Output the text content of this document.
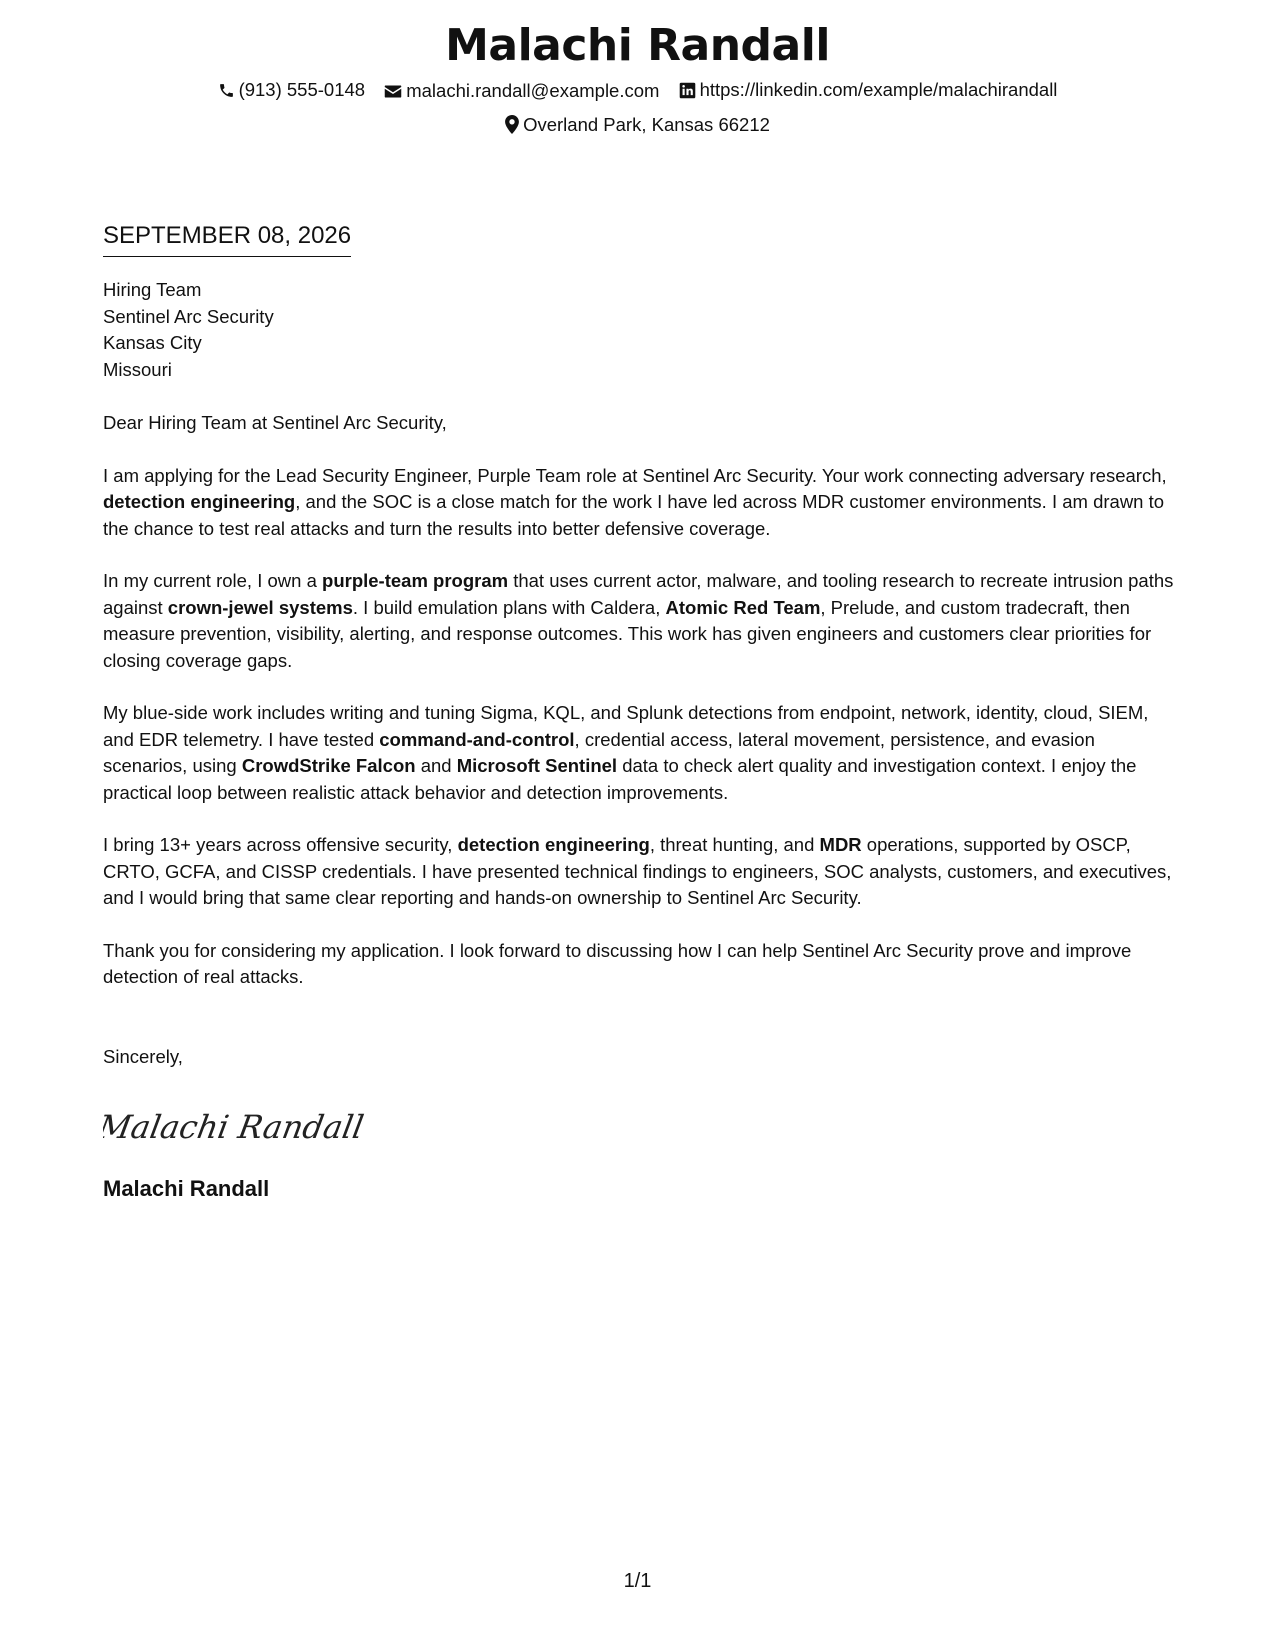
Malachi Randall
(913) 555-0148
malachi.randall@example.com
https://linkedin.com/example/malachirandall
Overland Park, Kansas 66212
SEPTEMBER 08, 2026
Hiring Team
Sentinel Arc Security
Kansas City
Missouri
Dear Hiring Team at Sentinel Arc Security,

I am applying for the Lead Security Engineer, Purple Team role at Sentinel Arc Security. Your work connecting adversary research, detection engineering, and the SOC is a close match for the work I have led across MDR customer environments. I am drawn to the chance to test real attacks and turn the results into better defensive coverage.

In my current role, I own a purple-team program that uses current actor, malware, and tooling research to recreate intrusion paths against crown-jewel systems. I build emulation plans with Caldera, Atomic Red Team, Prelude, and custom tradecraft, then measure prevention, visibility, alerting, and response outcomes. This work has given engineers and customers clear priorities for closing coverage gaps.

My blue-side work includes writing and tuning Sigma, KQL, and Splunk detections from endpoint, network, identity, cloud, SIEM, and EDR telemetry. I have tested command-and-control, credential access, lateral movement, persistence, and evasion scenarios, using CrowdStrike Falcon and Microsoft Sentinel data to check alert quality and investigation context. I enjoy the practical loop between realistic attack behavior and detection improvements.

I bring 13+ years across offensive security, detection engineering, threat hunting, and MDR operations, supported by OSCP, CRTO, GCFA, and CISSP credentials. I have presented technical findings to engineers, SOC analysts, customers, and executives, and I would bring that same clear reporting and hands-on ownership to Sentinel Arc Security.

Thank you for considering my application. I look forward to discussing how I can help Sentinel Arc Security prove and improve detection of real attacks.

Sincerely,
Malachi Randall
Malachi Randall
1/1
